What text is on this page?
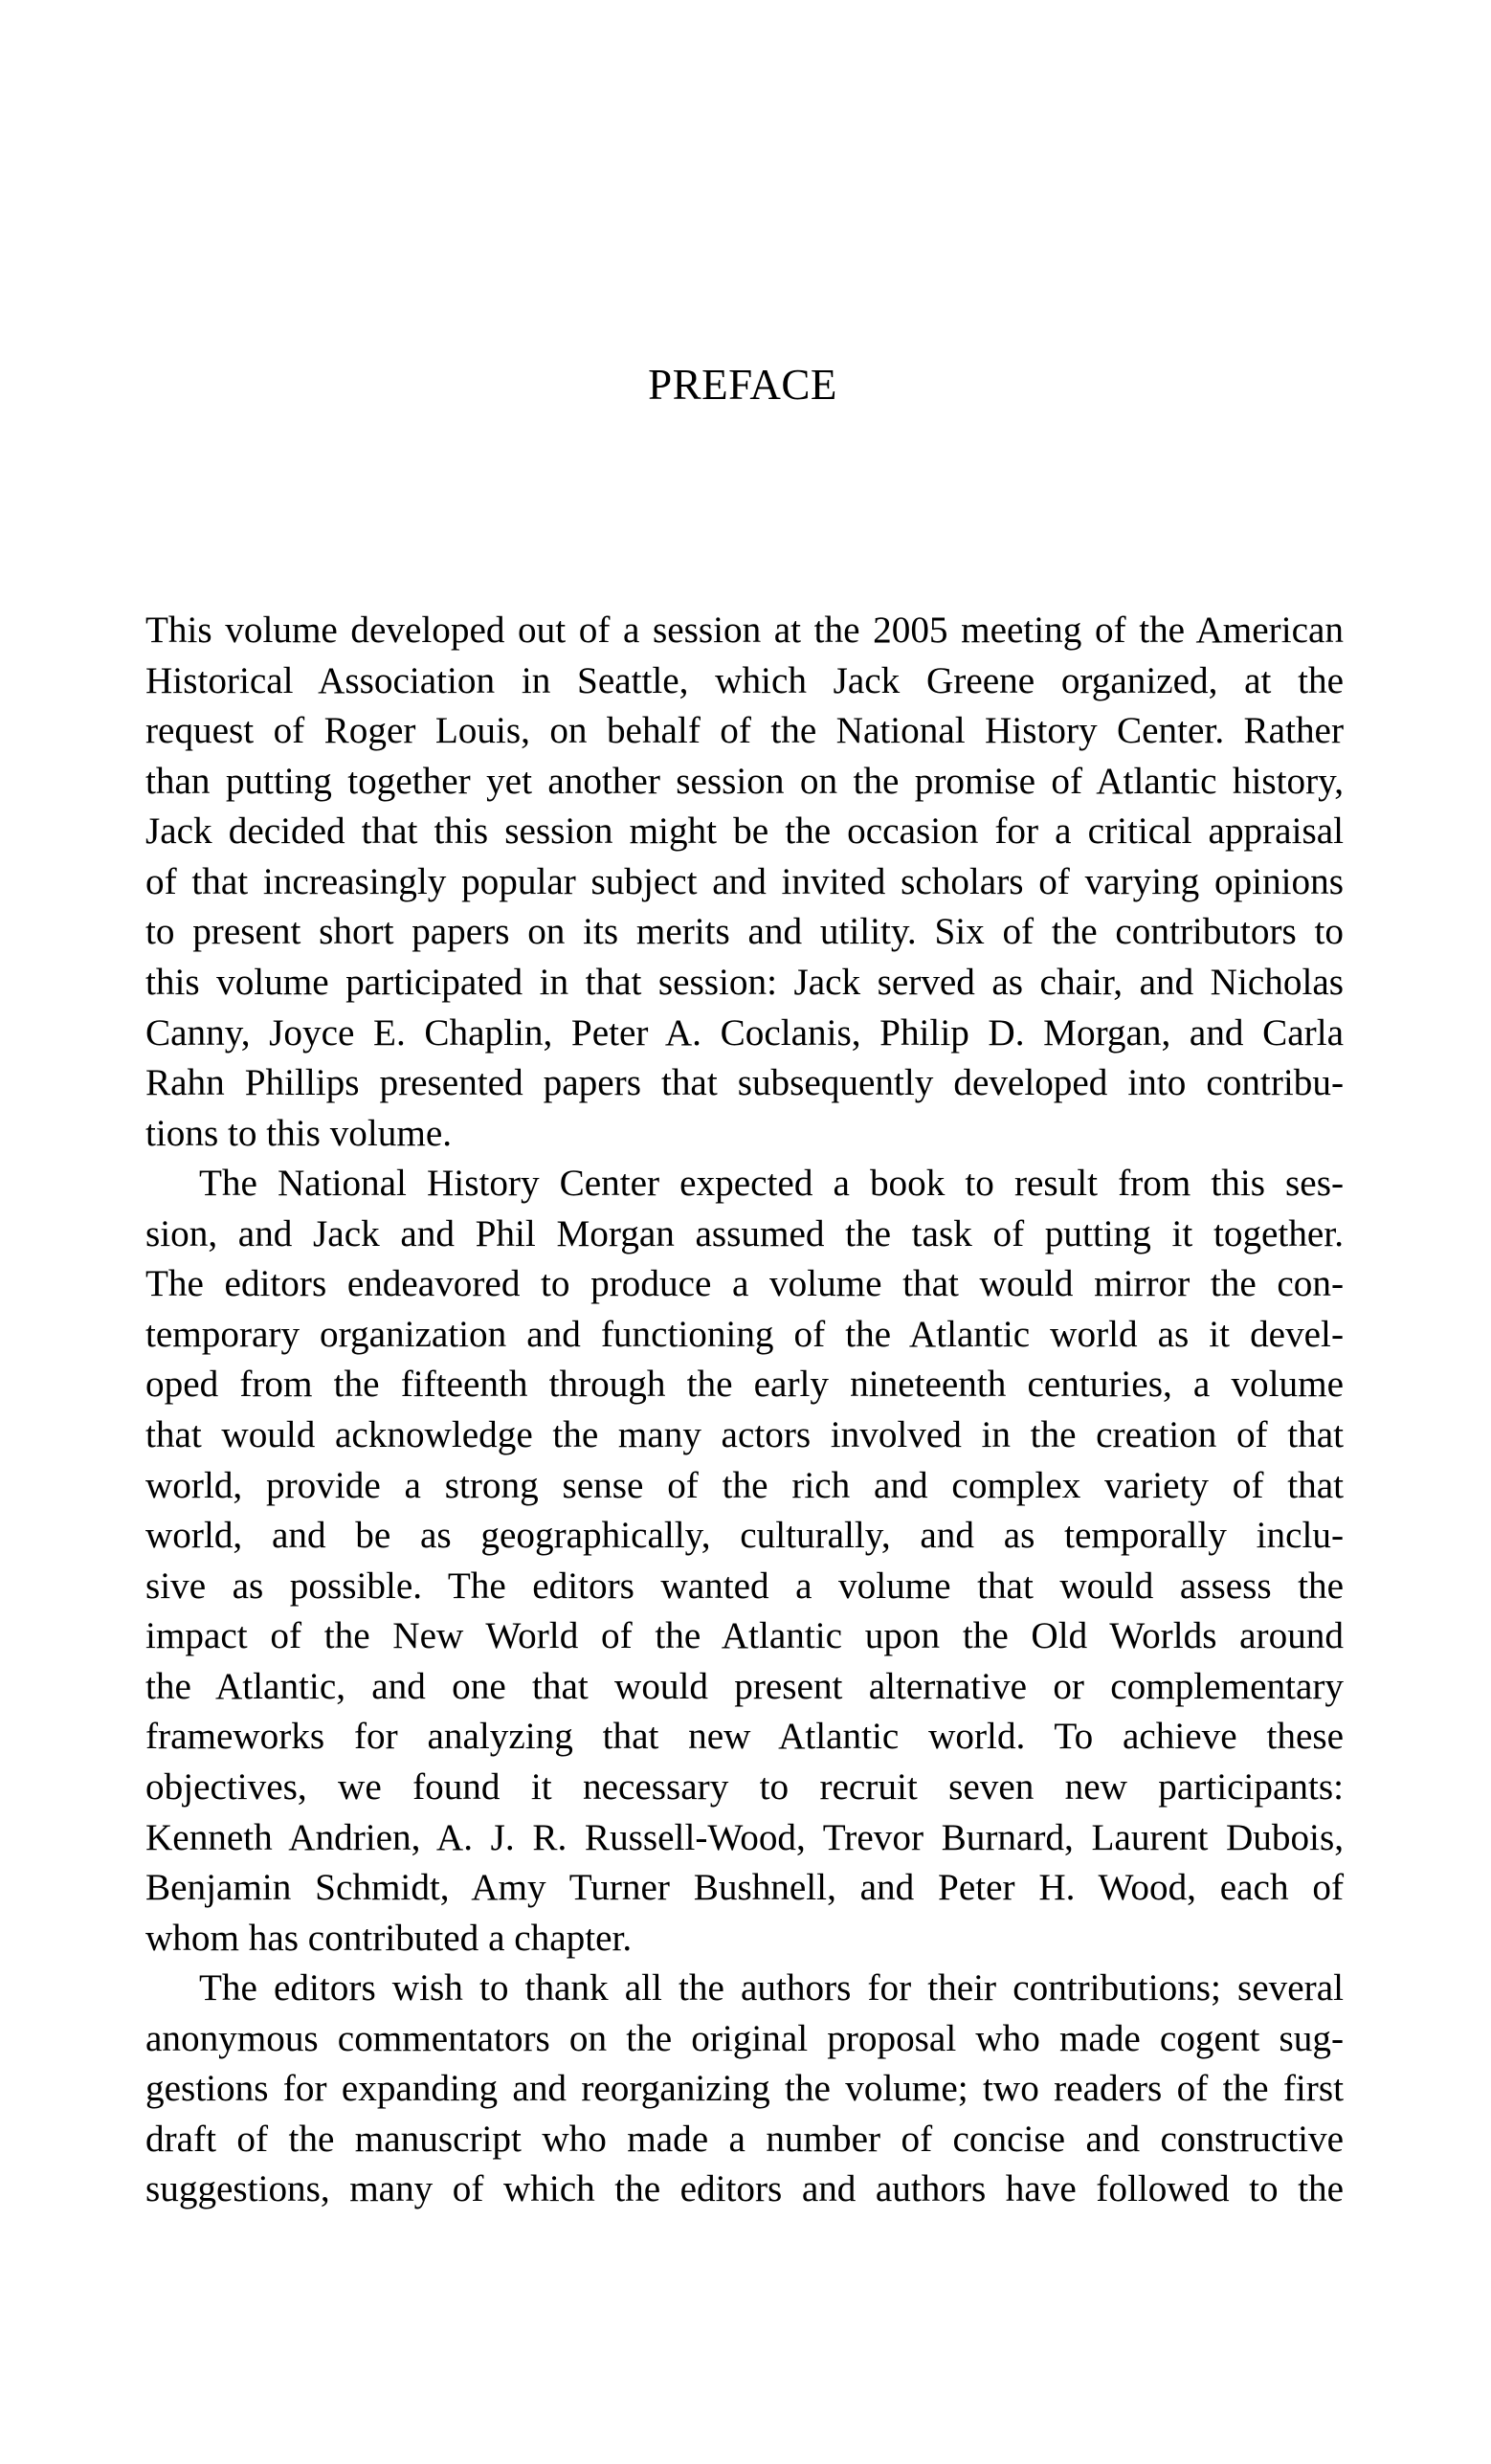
PREFACE
This volume developed out of a session at the 2005 meeting of the American
Historical Association in Seattle, which Jack Greene organized, at the
request of Roger Louis, on behalf of the National History Center. Rather
than putting together yet another session on the promise of Atlantic history,
Jack decided that this session might be the occasion for a critical appraisal
of that increasingly popular subject and invited scholars of varying opinions
to present short papers on its merits and utility. Six of the contributors to
this volume participated in that session: Jack served as chair, and Nicholas
Canny, Joyce E. Chaplin, Peter A. Coclanis, Philip D. Morgan, and Carla
Rahn Phillips presented papers that subsequently developed into contribu-
tions to this volume.
The National History Center expected a book to result from this ses-
sion, and Jack and Phil Morgan assumed the task of putting it together.
The editors endeavored to produce a volume that would mirror the con-
temporary organization and functioning of the Atlantic world as it devel-
oped from the fifteenth through the early nineteenth centuries, a volume
that would acknowledge the many actors involved in the creation of that
world, provide a strong sense of the rich and complex variety of that
world, and be as geographically, culturally, and as temporally inclu-
sive as possible. The editors wanted a volume that would assess the
impact of the New World of the Atlantic upon the Old Worlds around
the Atlantic, and one that would present alternative or complementary
frameworks for analyzing that new Atlantic world. To achieve these
objectives, we found it necessary to recruit seven new participants:
Kenneth Andrien, A. J. R. Russell-Wood, Trevor Burnard, Laurent Dubois,
Benjamin Schmidt, Amy Turner Bushnell, and Peter H. Wood, each of
whom has contributed a chapter.
The editors wish to thank all the authors for their contributions; several
anonymous commentators on the original proposal who made cogent sug-
gestions for expanding and reorganizing the volume; two readers of the first
draft of the manuscript who made a number of concise and constructive
suggestions, many of which the editors and authors have followed to the
